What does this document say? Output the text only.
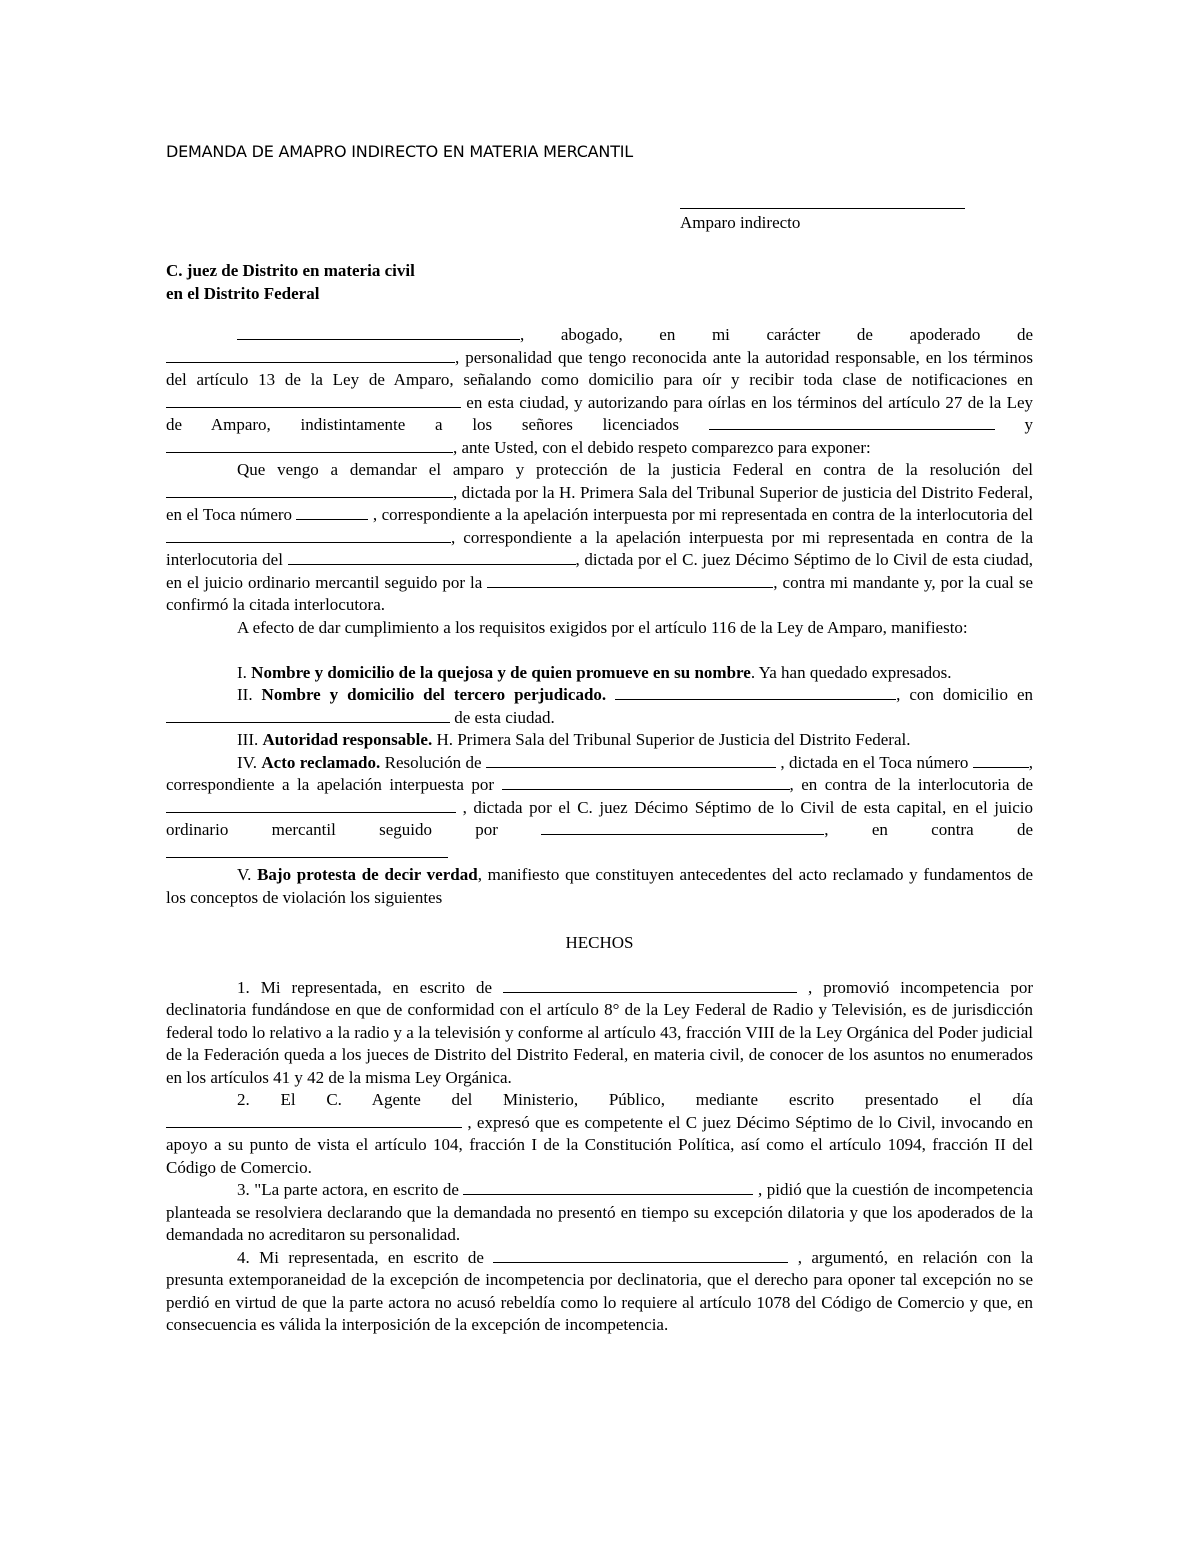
DEMANDA DE AMAPRO INDIRECTO EN MATERIA MERCANTIL
Amparo indirecto
C. juez de Distrito en materia civil
en el Distrito Federal

, abogado, en mi carácter de apoderado de , personalidad que tengo reconocida ante la autoridad responsable, en los términos del artículo 13 de la Ley de Amparo, señalando como domicilio para oír y recibir toda clase de notificaciones en  en esta ciudad, y autorizando para oírlas en los términos del artículo 27 de la Ley de Amparo, indistintamente a los señores licenciados	y , ante Usted, con el debido respeto comparezco para exponer:

Que vengo a demandar el amparo y protección de la justicia Federal en contra de la resolución del , dictada por la H. Primera Sala del Tribunal Superior de justicia del Distrito Federal, en el Toca número	, correspondiente a la apelación interpuesta por mi representada en contra de la interlocutoria del , correspondiente a la apelación interpuesta por mi representada en contra de la interlocutoria del	, dictada por el C. juez Décimo Séptimo de lo Civil de esta ciudad, en el juicio ordinario mercantil seguido por la	, contra mi mandante y, por la cual se confirmó la citada interlocutora.

A efecto de dar cumplimiento a los requisitos exigidos por el artículo 116 de la Ley de Amparo, manifiesto:

I. Nombre y domicilio de la quejosa y de quien promueve en su nombre. Ya han quedado expresados.

II. Nombre y domicilio del tercero perjudicado.	, con domicilio en  de esta ciudad.

III. Autoridad responsable. H. Primera Sala del Tribunal Superior de Justicia del Distrito Federal.

IV. Acto reclamado. Resolución de	, dictada en el Toca número	, correspondiente a la apelación interpuesta por	, en contra de la interlocutoria de  , dictada por el C. juez Décimo Séptimo de lo Civil de esta capital, en el juicio ordinario mercantil seguido por	, en contra de

V. Bajo protesta de decir verdad, manifiesto que constituyen antecedentes del acto reclamado y fundamentos de los conceptos de violación los siguientes

HECHOS

1. Mi representada, en escrito de	, promovió incompetencia por declinatoria fundándose en que de conformidad con el artículo 8° de la Ley Federal de Radio y Televisión, es de jurisdicción federal todo lo relativo a la radio y a la televisión y conforme al artículo 43, fracción VIII de la Ley Orgánica del Poder judicial de la Federación queda a los jueces de Distrito del Distrito Federal, en materia civil, de conocer de los asuntos no enumerados en los artículos 41 y 42 de la misma Ley Orgánica.

2. El C. Agente del Ministerio, Público, mediante escrito presentado el día  , expresó que es competente el C juez Décimo Séptimo de lo Civil, invocando en apoyo a su punto de vista el artículo 104, fracción I de la Constitución Política, así como el artículo 1094, fracción II del Código de Comercio.

3. "La parte actora, en escrito de	, pidió que la cuestión de incompetencia planteada se resolviera declarando que la demandada no presentó en tiempo su excepción dilatoria y que los apoderados de la demandada no acreditaron su personalidad.

4. Mi representada, en escrito de	, argumentó, en relación con la presunta extemporaneidad de la excepción de incompetencia por declinatoria, que el derecho para oponer tal excepción no se perdió en virtud de que la parte actora no acusó rebeldía como lo requiere al artículo 1078 del Código de Comercio y que, en consecuencia es válida la interposición de la excepción de incompetencia.
